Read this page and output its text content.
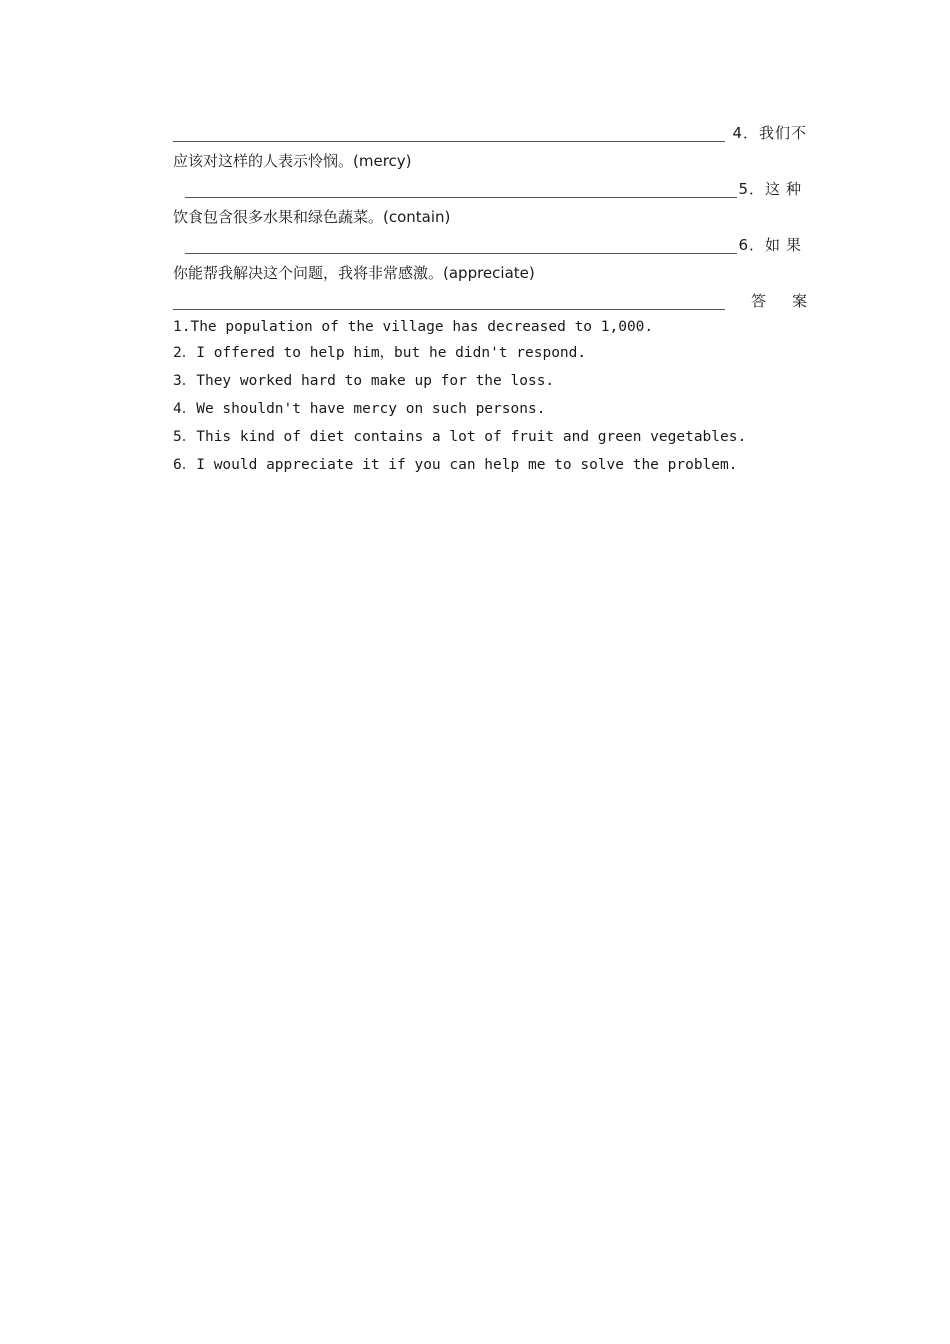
4．我们不
应该对这样的人表示怜悯。(mercy)
5．这种
饮食包含很多水果和绿色蔬菜。(contain)
6．如果
你能帮我解决这个问题，我将非常感激。(appreciate)
答案
1.The population of the village has decreased to 1,000.
2．I offered to help him，but he didn't respond.
3．They worked hard to make up for the loss.
4．We shouldn't have mercy on such persons.
5．This kind of diet contains a lot of fruit and green vegetables.
6．I would appreciate it if you can help me to solve the problem.
